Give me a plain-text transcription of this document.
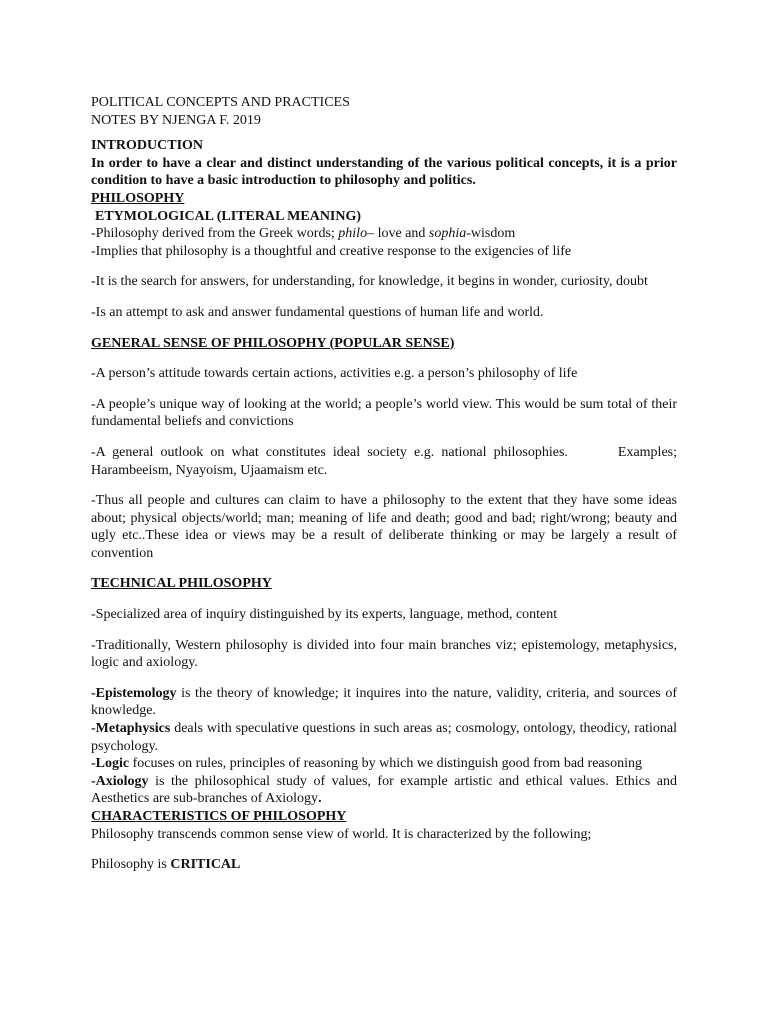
POLITICAL CONCEPTS AND PRACTICES
NOTES BY NJENGA F. 2019
INTRODUCTION
In order to have a clear and distinct understanding of the various political concepts, it is a prior condition to have a basic introduction to philosophy and politics.
PHILOSOPHY
ETYMOLOGICAL (LITERAL MEANING)
-Philosophy derived from the Greek words; philo– love and sophia-wisdom
-Implies that philosophy is a thoughtful and creative response to the exigencies of life
-It is the search for answers, for understanding, for knowledge, it begins in wonder, curiosity, doubt
-Is an attempt to ask and answer fundamental questions of human life and world.
GENERAL SENSE OF PHILOSOPHY (POPULAR SENSE)
-A person’s attitude towards certain actions, activities e.g. a person’s philosophy of life
-A people’s unique way of looking at the world; a people’s world view. This would be sum total of their fundamental beliefs and convictions
-A general outlook on what constitutes ideal society e.g. national philosophies.       Examples; Harambeeism, Nyayoism, Ujaamaism etc.
-Thus all people and cultures can claim to have a philosophy to the extent that they have some ideas about; physical objects/world; man; meaning of life and death; good and bad; right/wrong; beauty and ugly etc..These idea or views may be a result of deliberate thinking or may be largely a result of convention
TECHNICAL PHILOSOPHY
-Specialized area of inquiry distinguished by its experts, language, method, content
-Traditionally, Western philosophy is divided into four main branches viz; epistemology, metaphysics, logic and axiology.
-Epistemology is the theory of knowledge; it inquires into the nature, validity, criteria, and sources of knowledge.
-Metaphysics deals with speculative questions in such areas as; cosmology, ontology, theodicy, rational psychology.
-Logic focuses on rules, principles of reasoning by which we distinguish good from bad reasoning
-Axiology is the philosophical study of values, for example artistic and ethical values. Ethics and Aesthetics are sub-branches of Axiology.
CHARACTERISTICS OF PHILOSOPHY
Philosophy transcends common sense view of world. It is characterized by the following;
Philosophy is CRITICAL
